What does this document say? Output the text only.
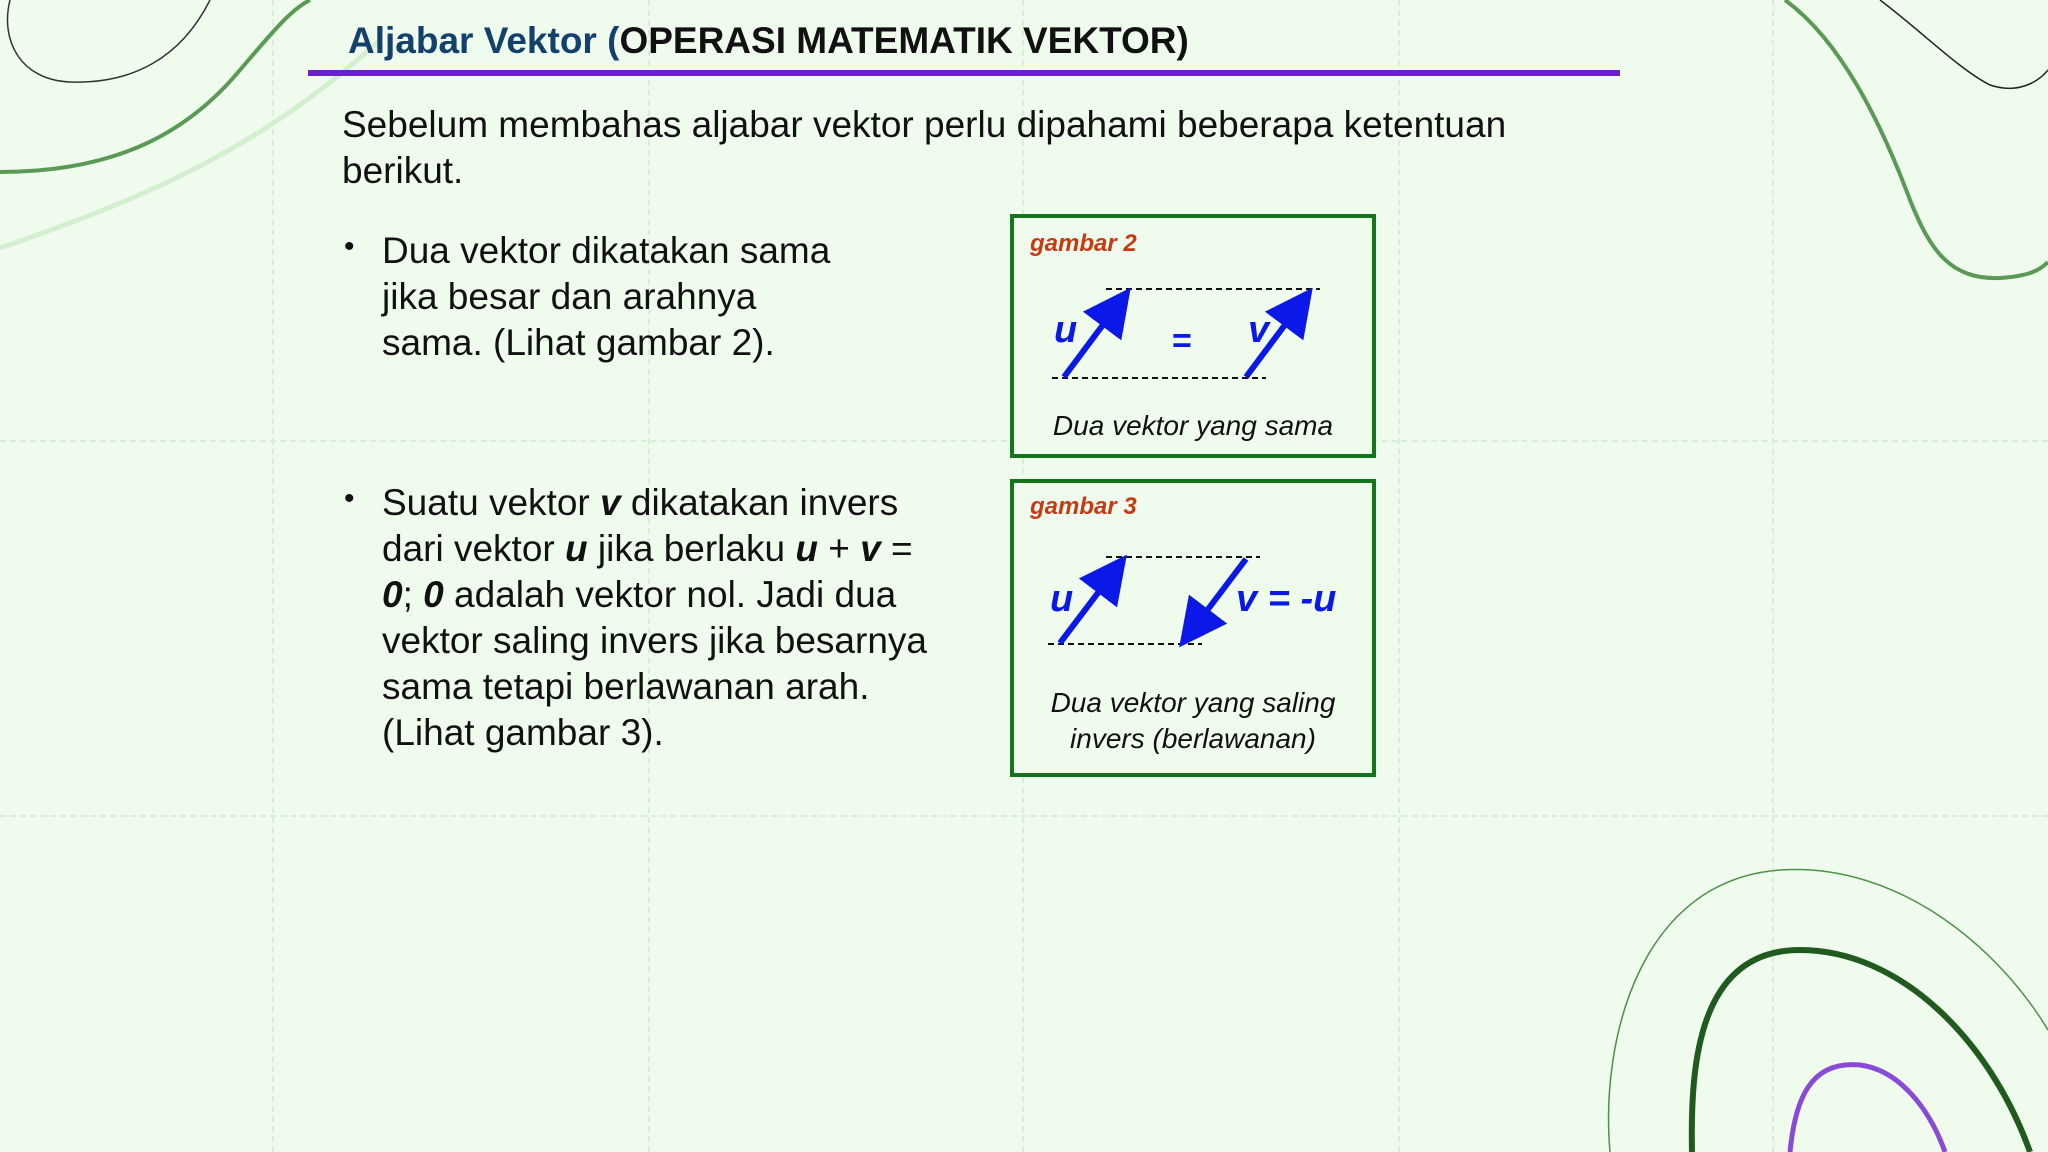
Aljabar Vektor (OPERASI MATEMATIK VEKTOR)
Sebelum membahas aljabar vektor perlu dipahami beberapa ketentuan berikut.
• Dua vektor dikatakan sama
jika besar dan arahnya
sama. (Lihat gambar 2).
• Suatu vektor v dikatakan invers
dari vektor u jika berlaku u + v =
0; 0 adalah vektor nol. Jadi dua
vektor saling invers jika besarnya
sama tetapi berlawanan arah.
(Lihat gambar 3).
gambar 2
u	= v
Dua vektor yang sama
gambar 3
u	v = -u
Dua vektor yang saling
invers (berlawanan)
